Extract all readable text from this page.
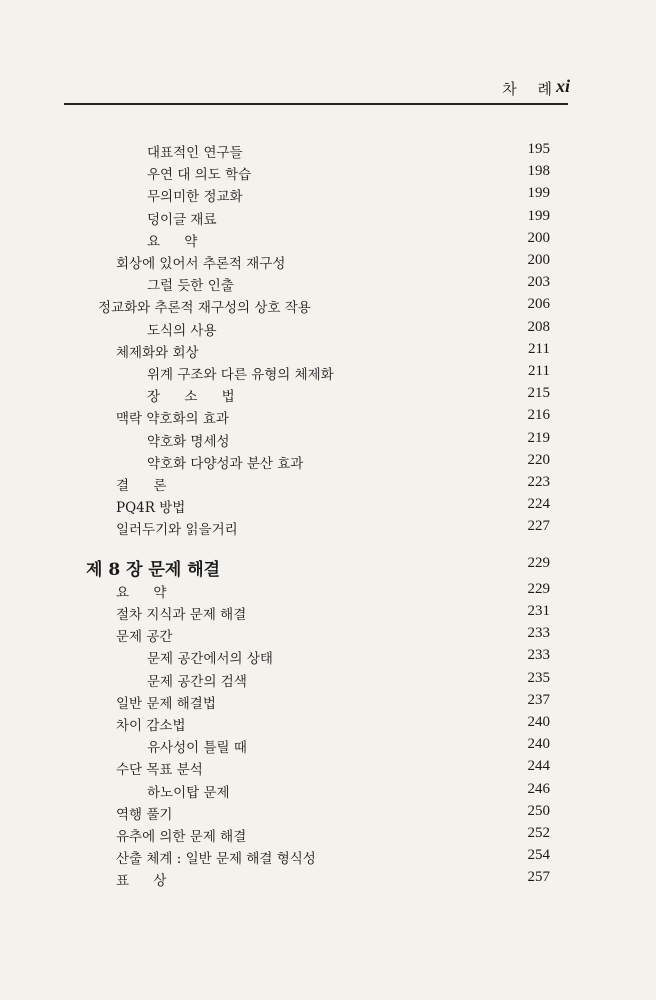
차 례
xi
대표적인 연구들	195
우연 대 의도 학습	198
무의미한 정교화	199
덩이글 재료	199
요 약	200
회상에 있어서 추론적 재구성	200
그럴 듯한 인출	203
정교화와 추론적 재구성의 상호 작용	206
도식의 사용	208
체제화와 회상	211
위계 구조와 다른 유형의 체제화	211
장 소 법	215
맥락 약호화의 효과	216
약호화 명세성	219
약호화 다양성과 분산 효과	220
결 론	223
PQ4R 방법	224
일러두기와 읽을거리	227
제 8 장 문제 해결	229
요 약	229
절차 지식과 문제 해결	231
문제 공간	233
문제 공간에서의 상태	233
문제 공간의 검색	235
일반 문제 해결법	237
차이 감소법	240
유사성이 틀릴 때	240
수단 목표 분석	244
하노이탑 문제	246
역행 풀기	250
유추에 의한 문제 해결	252
산출 체계 : 일반 문제 해결 형식성	254
표 상	257
